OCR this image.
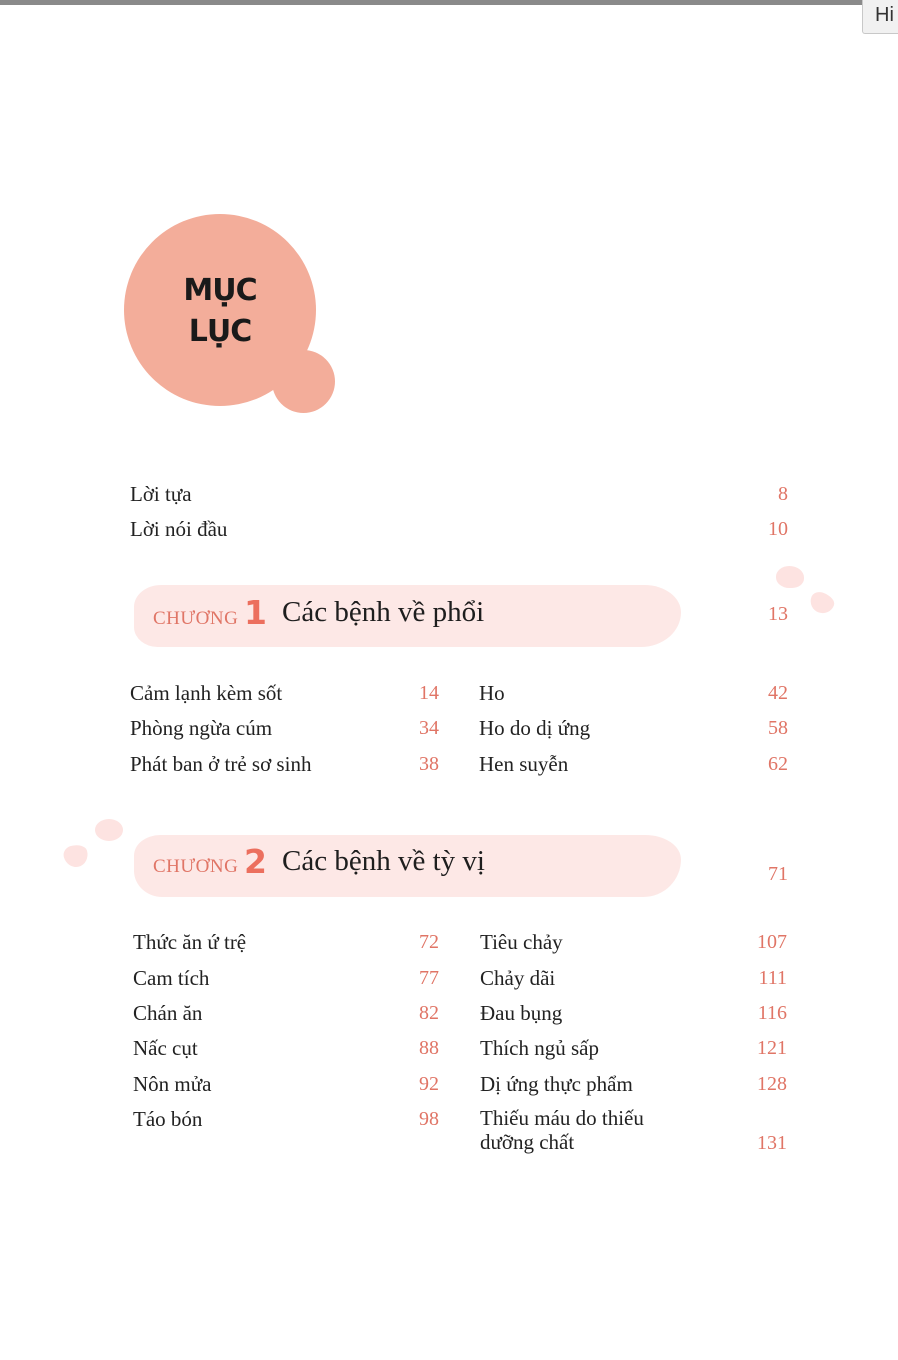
Hi
MỤC
LỤC
Lời tựa	8
Lời nói đầu	10
CHƯƠNG 1 Các bệnh về phổi	13
Cảm lạnh kèm sốt	14
Phòng ngừa cúm	34
Phát ban ở trẻ sơ sinh	38
Ho	42
Ho do dị ứng	58
Hen suyễn	62
CHƯƠNG 2 Các bệnh về tỳ vị	71
Thức ăn ứ trệ	72
Cam tích	77
Chán ăn	82
Nấc cụt	88
Nôn mửa	92
Táo bón	98
Tiêu chảy	107
Chảy dãi	111
Đau bụng	116
Thích ngủ sấp	121
Dị ứng thực phẩm	128
Thiếu máu do thiếu
dưỡng chất	131
